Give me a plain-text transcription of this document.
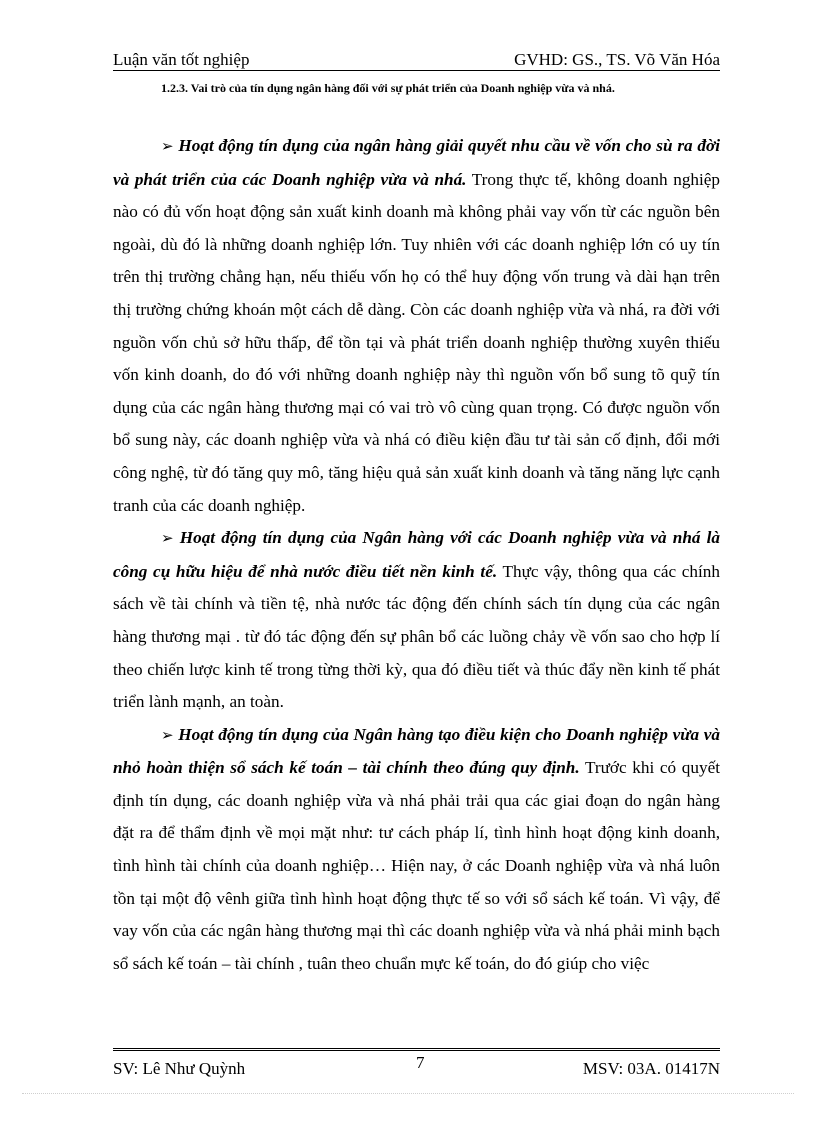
Luận văn tốt nghiệp	GVHD: GS., TS. Võ Văn Hóa
1.2.3. Vai trò của tín dụng ngân hàng đối với sự phát triển của Doanh nghiệp vừa và nhá.

➢ Hoạt động tín dụng của ngân hàng giải quyết nhu cầu về vốn cho sù ra đời và phát triển của các Doanh nghiệp vừa và nhá. Trong thực tế, không doanh nghiệp nào có đủ vốn hoạt động sản xuất kinh doanh mà không phải vay vốn từ các nguồn bên ngoài, dù đó là những doanh nghiệp lớn. Tuy nhiên với các doanh nghiệp lớn có uy tín trên thị trường chẳng hạn, nếu thiếu vốn họ có thể huy động vốn trung và dài hạn trên thị trường chứng khoán một cách dễ dàng. Còn các doanh nghiệp vừa và nhá, ra đời với nguồn vốn chủ sở hữu thấp, để tồn tại và phát triển doanh nghiệp thường xuyên thiếu vốn kinh doanh, do đó với những doanh nghiệp này thì nguồn vốn bổ sung tõ quỹ tín dụng của các ngân hàng thương mại có vai trò vô cùng quan trọng. Có được nguồn vốn bổ sung này, các doanh nghiệp vừa và nhá có điều kiện đầu tư tài sản cố định, đổi mới công nghệ, từ đó tăng quy mô, tăng hiệu quả sản xuất kinh doanh và tăng năng lực cạnh tranh của các doanh nghiệp.

➢ Hoạt động tín dụng của Ngân hàng với các Doanh nghiệp vừa và nhá là công cụ hữu hiệu để nhà nước điều tiết nền kinh tế. Thực vậy, thông qua các chính sách về tài chính và tiền tệ, nhà nước tác động đến chính sách tín dụng của các ngân hàng thương mại . từ đó tác động đến sự phân bổ các luồng chảy về vốn sao cho hợp lí theo chiến lược kinh tế trong từng thời kỳ, qua đó điều tiết và thúc đẩy nền kinh tế phát triển lành mạnh, an toàn.

➢ Hoạt động tín dụng của Ngân hàng tạo điều kiện cho Doanh nghiệp vừa và nhỏ hoàn thiện sổ sách kế toán – tài chính theo đúng quy định. Trước khi có quyết định tín dụng, các doanh nghiệp vừa và nhá phải trải qua các giai đoạn do ngân hàng đặt ra để thẩm định về mọi mặt như: tư cách pháp lí, tình hình hoạt động kinh doanh, tình hình tài chính của doanh nghiệp… Hiện nay, ở các Doanh nghiệp vừa và nhá luôn tồn tại một độ vênh giữa tình hình hoạt động thực tế so với sổ sách kế toán. Vì vậy, để vay vốn của các ngân hàng thương mại thì các doanh nghiệp vừa và nhá phải minh bạch sổ sách kế toán – tài chính , tuân theo chuẩn mực kế toán, do đó giúp cho việc

SV: Lê Như Quỳnh	7	MSV: 03A. 01417N
